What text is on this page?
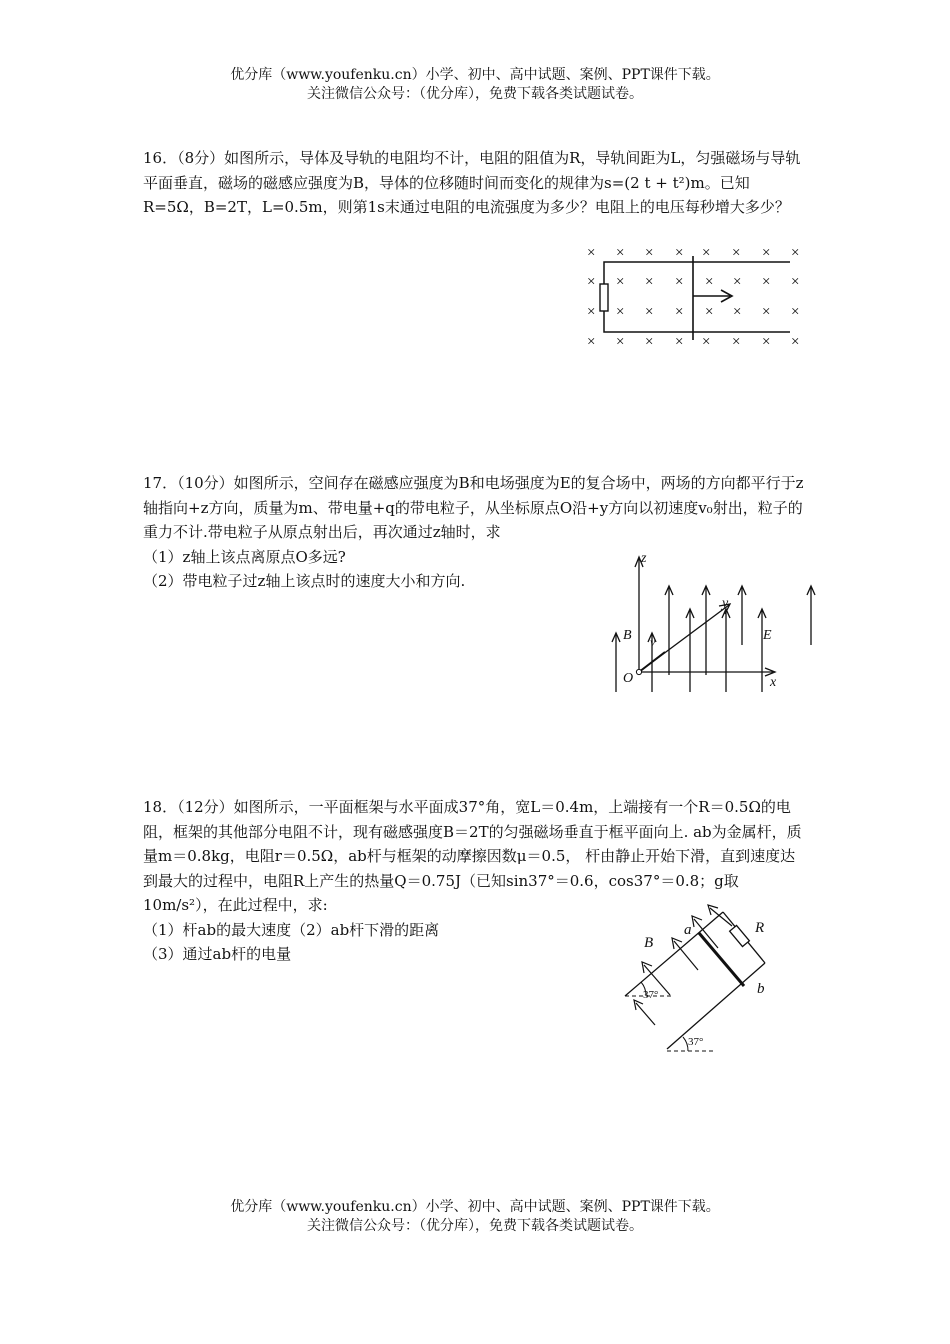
优分库（www.youfenku.cn）小学、初中、高中试题、案例、PPT课件下载。
关注微信公众号：（优分库），免费下载各类试题试卷。

16．（8分）如图所示，导体及导轨的电阻均不计，电阻的阻值为R，导轨间距为L，匀强磁场与导轨平面垂直，磁场的磁感应强度为B，导体的位移随时间而变化的规律为s=(2 t + t²)m。已知R=5Ω，B=2T，L=0.5m，则第1s末通过电阻的电流强度为多少？电阻上的电压每秒增大多少？

× × × × × × × ×
× × × × × × × ×
× × × × × × × ×
× × × × × × × ×

17．（10分）如图所示，空间存在磁感应强度为B和电场强度为E的复合场中，两场的方向都平行于z轴指向+z方向，质量为m、带电量+q的带电粒子，从坐标原点O沿+y方向以初速度v₀射出，粒子的重力不计.带电粒子从原点射出后，再次通过z轴时，求

（1）z轴上该点离原点O多远?

（2）带电粒子过z轴上该点时的速度大小和方向.

z
y
x
B	E
O
v

18．（12分）如图所示，一平面框架与水平面成37°角，宽L＝0.4m，上端接有一个R＝0.5Ω的电阻，框架的其他部分电阻不计，现有磁感强度B＝2T的匀强磁场垂直于框平面向上. ab为金属杆，质量m＝0.8kg，电阻r＝0.5Ω，ab杆与框架的动摩擦因数μ＝0.5， 杆由静止开始下滑，直到速度达到最大的过程中，电阻R上产生的热量Q＝0.75J（已知sin37°＝0.6，cos37°＝0.8；g取10m/s²），在此过程中，求:

（1）杆ab的最大速度（2）ab杆下滑的距离

（3）通过ab杆的电量

a
b
R
B
37°
37°
优分库（www.youfenku.cn）小学、初中、高中试题、案例、PPT课件下载。
关注微信公众号：（优分库），免费下载各类试题试卷。
